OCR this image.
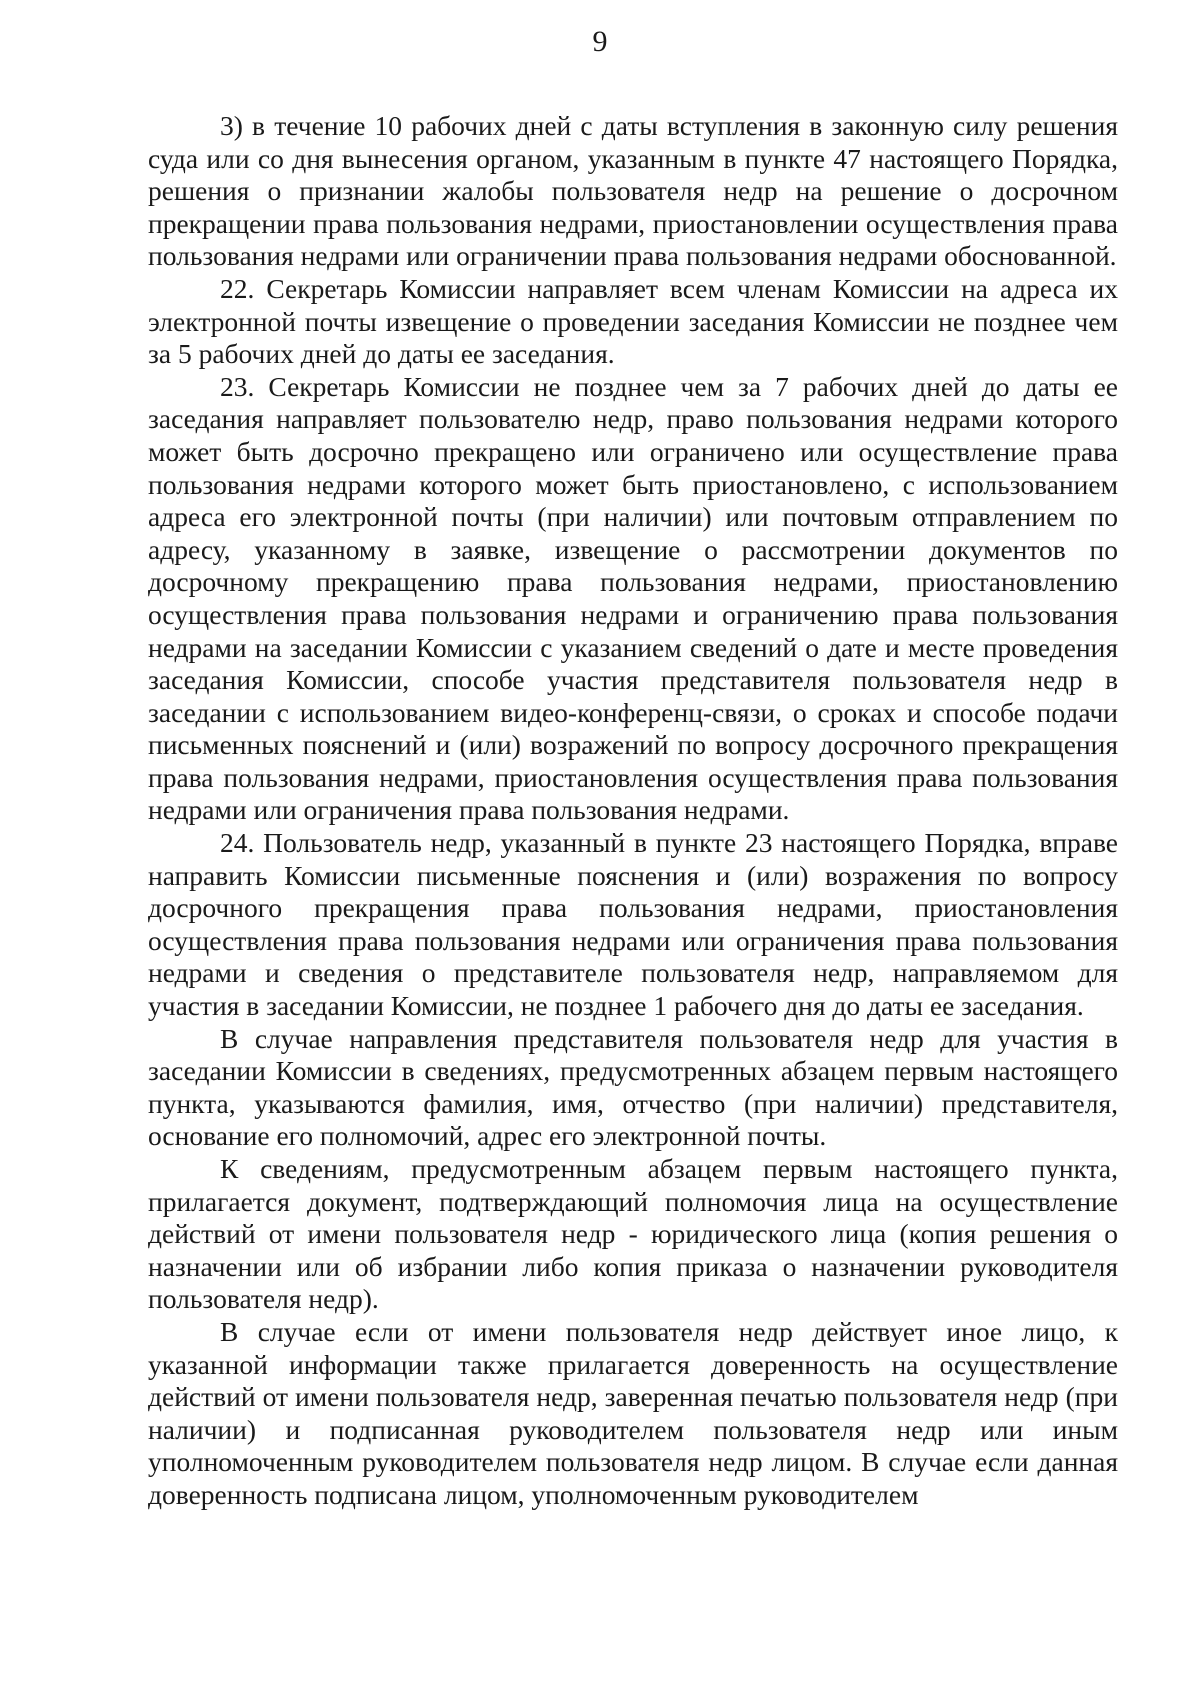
9

3) в течение 10 рабочих дней с даты вступления в законную силу решения суда или со дня вынесения органом, указанным в пункте 47 настоящего Порядка, решения о признании жалобы пользователя недр на решение о досрочном прекращении права пользования недрами, приостановлении осуществления права пользования недрами или ограничении права пользования недрами обоснованной.

22. Секретарь Комиссии направляет всем членам Комиссии на адреса их электронной почты извещение о проведении заседания Комиссии не позднее чем за 5 рабочих дней до даты ее заседания.

23. Секретарь Комиссии не позднее чем за 7 рабочих дней до даты ее заседания направляет пользователю недр, право пользования недрами которого может быть досрочно прекращено или ограничено или осуществление права пользования недрами которого может быть приостановлено, с использованием адреса его электронной почты (при наличии) или почтовым отправлением по адресу, указанному в заявке, извещение о рассмотрении документов по досрочному прекращению права пользования недрами, приостановлению осуществления права пользования недрами и ограничению права пользования недрами на заседании Комиссии с указанием сведений о дате и месте проведения заседания Комиссии, способе участия представителя пользователя недр в заседании с использованием видео-конференц-связи, о сроках и способе подачи письменных пояснений и (или) возражений по вопросу досрочного прекращения права пользования недрами, приостановления осуществления права пользования недрами или ограничения права пользования недрами.

24. Пользователь недр, указанный в пункте 23 настоящего Порядка, вправе направить Комиссии письменные пояснения и (или) возражения по вопросу досрочного прекращения права пользования недрами, приостановления осуществления права пользования недрами или ограничения права пользования недрами и сведения о представителе пользователя недр, направляемом для участия в заседании Комиссии, не позднее 1 рабочего дня до даты ее заседания.

В случае направления представителя пользователя недр для участия в заседании Комиссии в сведениях, предусмотренных абзацем первым настоящего пункта, указываются фамилия, имя, отчество (при наличии) представителя, основание его полномочий, адрес его электронной почты.

К сведениям, предусмотренным абзацем первым настоящего пункта, прилагается документ, подтверждающий полномочия лица на осуществление действий от имени пользователя недр - юридического лица (копия решения о назначении или об избрании либо копия приказа о назначении руководителя пользователя недр).

В случае если от имени пользователя недр действует иное лицо, к указанной информации также прилагается доверенность на осуществление действий от имени пользователя недр, заверенная печатью пользователя недр (при наличии) и подписанная руководителем пользователя недр или иным уполномоченным руководителем пользователя недр лицом. В случае если данная доверенность подписана лицом, уполномоченным руководителем
